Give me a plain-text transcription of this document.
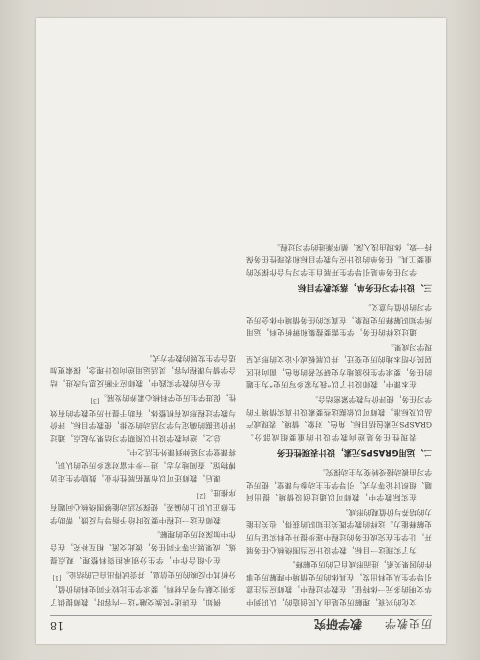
历史教学
教学研究
18

文化的兴衰，理解历史是由人民创造的，认识到中华文明的多元一体特征。在教学过程中，教师应当注意引导学生从史料出发，在具体的历史情境中理解历史事件的因果关系，进而形成自己的历史解释。

为了实现这一目标，教学设计应当围绕核心任务展开，让学生在完成任务的过程中逐步提升史料实证与历史解释能力。这样的教学既关注知识的获得，也关注能力的培养与价值观的形成。

在实际教学中，教师可以通过创设情境、提出问题、组织讨论等方式，引导学生主动参与课堂，使历史学习由被动接受转变为主动探究。

二、运用GRASPS元素，设计表现性任务

表现性任务是逆向教学设计的重要组成部分。GRASPS元素包括目标、角色、对象、情境、表现或产品以及标准，教师可以依据这些要素设计真实情境下的学习任务，使评价与教学紧密结合。

在本课中，教师设计了以“我为家乡写历史”为主题的任务，要求学生扮演地方史研究者的角色，面向社区居民介绍本地的历史变迁，并以展板或小论文的形式呈现学习成果。

通过这样的任务，学生需要搜集和辨析史料，运用所学知识解释历史现象，在真实的任务情境中体会历史学习的价值与意义。

三、设计学习任务单，落实教学目标

学习任务单是引导学生开展自主学习与合作探究的重要工具。任务单的设计应与教学目标和表现性任务保持一致，体现由浅入深、循序渐进的学习过程。

例如，在讲述“民族交融”这一内容时，教师提供了多则文献与考古材料，要求学生比较不同史料的价值，分析其中反映的历史信息，并尝试得出自己的结论。[1]

在小组合作中，学生分别承担资料整理、观点提炼、成果展示等不同任务，彼此交流、相互补充，在合作中加深对历史的理解。

教师在这一过程中要及时给予指导与反馈，帮助学生修正认识上的偏差，使探究活动能够围绕核心问题有序推进。[2]

课后，教师还可以布置拓展性作业，鼓励学生走访博物馆、查阅地方志，进一步丰富对家乡历史的认识，将课堂学习延伸到课外生活之中。

总之，逆向教学设计以预期学习结果为起点，通过评价证据的确定与学习活动的安排，使教学目标、评价与教学过程形成有机整体，有助于提升历史教学的有效性，促进学生历史学科核心素养的发展。[3]

在今后的教学实践中，教师应不断反思与改进，结合学情与课程内容，灵活运用逆向设计理念，探索更加适合学生发展的教学方式。
